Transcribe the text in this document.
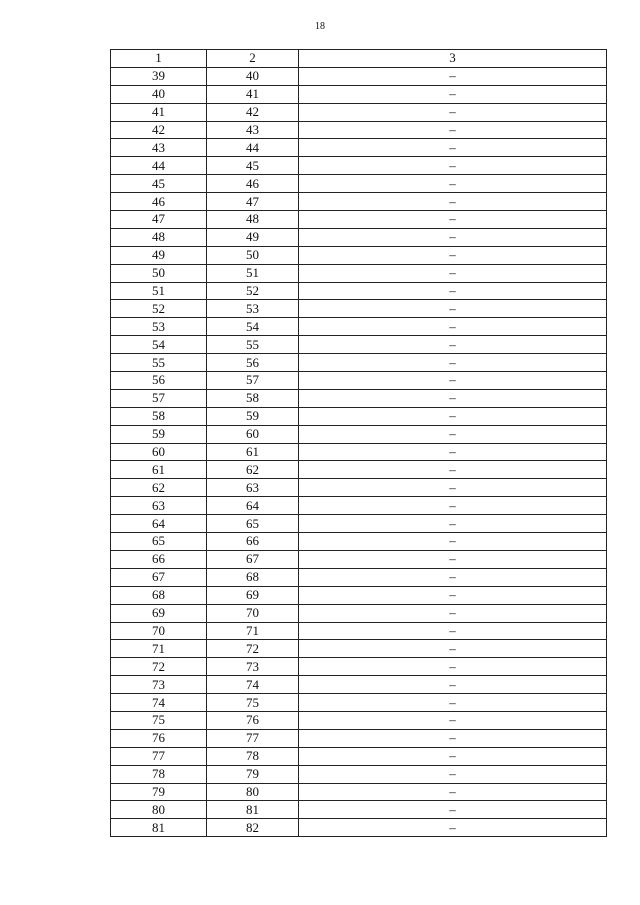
18
1	2	3
39	40	–
40	41	–
41	42	–
42	43	–
43	44	–
44	45	–
45	46	–
46	47	–
47	48	–
48	49	–
49	50	–
50	51	–
51	52	–
52	53	–
53	54	–
54	55	–
55	56	–
56	57	–
57	58	–
58	59	–
59	60	–
60	61	–
61	62	–
62	63	–
63	64	–
64	65	–
65	66	–
66	67	–
67	68	–
68	69	–
69	70	–
70	71	–
71	72	–
72	73	–
73	74	–
74	75	–
75	76	–
76	77	–
77	78	–
78	79	–
79	80	–
80	81	–
81	82	–
